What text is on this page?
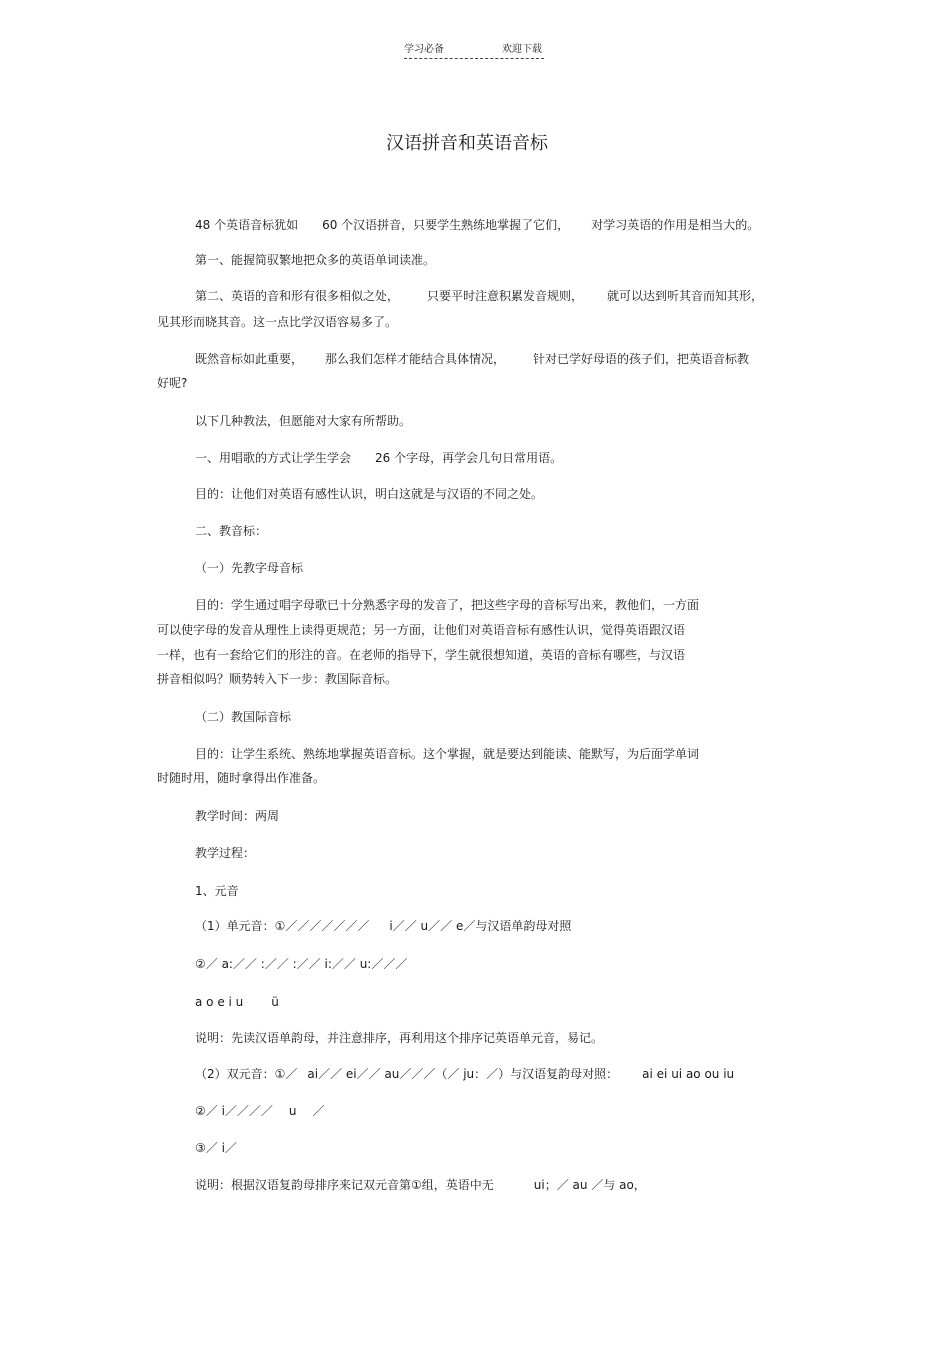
学习必备	欢迎下载
汉语拼音和英语音标

48 个英语音标犹如 60 个汉语拼音，只要学生熟练地掌握了它们， 对学习英语的作用是相当大的。

第一、能握简驭繁地把众多的英语单词读准。

第二、英语的音和形有很多相似之处， 只要平时注意积累发音规则， 就可以达到听其音而知其形，

见其形而晓其音。这一点比学汉语容易多了。

既然音标如此重要， 那么我们怎样才能结合具体情况， 针对已学好母语的孩子们，把英语音标教

好呢?

以下几种教法，但愿能对大家有所帮助。

一、用唱歌的方式让学生学会 26 个字母，再学会几句日常用语。

目的：让他们对英语有感性认识，明白这就是与汉语的不同之处。

二、教音标：

（一）先教字母音标

目的：学生通过唱字母歌已十分熟悉字母的发音了，把这些字母的音标写出来，教他们，一方面

可以使字母的发音从理性上读得更规范；另一方面，让他们对英语音标有感性认识，觉得英语跟汉语

一样，也有一套给它们的形注的音。在老师的指导下，学生就很想知道，英语的音标有哪些，与汉语

拼音相似吗？顺势转入下一步：教国际音标。

（二）教国际音标

目的：让学生系统、熟练地掌握英语音标。这个掌握，就是要达到能读、能默写，为后面学单词

时随时用，随时拿得出作准备。

教学时间：两周

教学过程：

1、元音

（1）单元音：①／／／／／／／ i／／ u／／ e／与汉语单韵母对照

②／ a:／／ :／／ :／／ i:／／ u:／／／

a o e i u ü

说明：先读汉语单韵母，并注意排序，再利用这个排序记英语单元音，易记。

（2）双元音：①／ ai／／ ei／／ au／／／（／ ju：／）与汉语复韵母对照： ai ei ui ao ou iu

②／ i／／／／ u ／

③／ i／

说明：根据汉语复韵母排序来记双元音第①组，英语中无	ui；／ au ／与 ao，
